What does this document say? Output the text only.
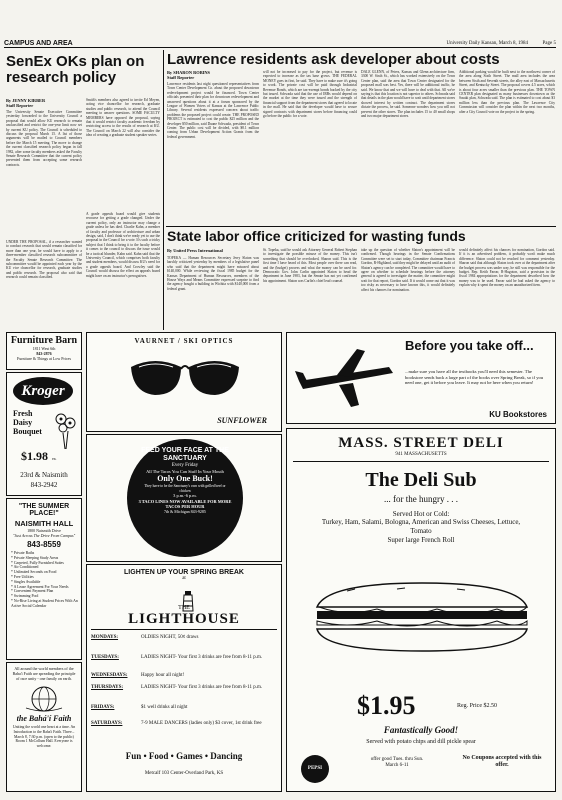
CAMPUS AND AREA	University Daily Kansan, March 8, 1984	Page 5
SenEx OKs plan on research policy
By JENNY KIRBER
Staff Reporter
The University Senate Executive Committee yesterday forwarded to the University Council a proposal that would allow KU research to remain unclassified and restrict the one-year limit now set by current KU policy. The Council is scheduled to discuss the proposal March 15. A list of those arguments will be mailed to Council members before the March 15 meeting. The move to change the current classified research policy began in fall 1982, after some faculty members asked the Faculty Senate Research Committee that the current policy prevented them from accepting some research contracts.
UNDER THE PROPOSAL, if a researcher wanted to conduct research that would remain classified for more than one year, he would have to apply to a three-member classified research subcommittee of the Faculty Senate Research Committee. The subcommittee would be appointed each year by the KU vice chancellor for research, graduate studies and public research. The proposal also said that research could remain classified.
Smith's members also agreed to invite Ed Meyen, acting vice chancellor for research, graduate studies and public research, to attend the Council meeting to answer questions. SOME FACULTY MEMBERS have opposed the proposal, saying that it would restrict faculty academic freedom by restricting access to the results of research at KU. The Council on March 22 will also consider the idea of creating a graduate student speaker series.
A grade appeals board would give students recourse for getting a grade changed. Under the current policy, only an instructor may change a grade unless he has died. Charlie Kahn, a member of faculty and professor of architecture and urban design, said, I don't think we're ready yet to use the proposal in the Council for a vote. It's such a tricky subject that I think to bring it to the faculty before it comes to the council to discuss the issue would be a tactical blunder, Kahn said. Kahn said that the University Council, which comprises both faculty and student members, would discuss KU's need for a grade appeals board. And Crowley said the Council would discuss the effect an appeals board might have on an instructor's prerogatives.
Lawrence residents ask developer about costs
By SHARON ROBINS
Staff Reporter
Lawrence residents last night questioned representatives from Town Center Development Co. about the proposed downtown redevelopment project would be financed. Town Center officials presented their plan for downtown redevelopment and answered questions about it at a forum sponsored by the League of Women Voters of Kansas at the Lawrence Public Library. Several residents expressed concern about traffic problems the proposed project could create. THE PROPOSED PROJECT is estimated to cost the public $25 million and the developer $50 million, said Duane Schwada, president of Town Center. The public cost will be divided, with $8.1 million coming from Urban Development Action Grants from the federal government.
will not be increased to pay for the project, but revenue is expected to increase as the tax base grows. THE FEDERAL MONEY goes in first, he said. They have to make sure it's going to work. The private cost will be paid through Industrial Revenue Bonds, which are tax-exempt bonds backed by the city but issued. Schwada said that the use of IRBs would depend on the market at the time they were issued and the strength of financial support from the department stores that agreed to locate in the mall. He said that the developer would have to secure signed contracts with department stores before financing could go before the public for a vote.
DALE GLENN, of Peters, Kansas and Glenn architecture firm, 3300 W. Sixth St., which has worked extensively on the Town Center plan, said the area that Town Center designated for the proposed mall was best. Yes, there will be additional traffic, he said. We know that and we will have to deal with that. All we're saying is that this location is not superior to others. Schwada said that details in the plan would have to wait until department stores showed interest by written contract. The department stores dictate the process, he said. Someone wonders how you will not prevent the other stores. The plan includes 15 to 40 small shops and two major department stores.
Additional parking would be built next to the northwest corner of the area along Sixth Street. The mall area includes the area between Sixth and Seventh streets, the alley east of Massachusetts Street, and Kentucky Street. The proposal covers 4.5 acres, which is about four acres smaller than the previous plan. THE TOWN CENTER plan designated as many businesses downtown as the Sasaki plan, Schwada said. The plan is estimated to cost about $3 million less than the previous plan. The Lawrence City Commission will consider the plan within the next two months, after a City Council vote on the project in the spring.
State labor office criticized for wasting funds
By United Press International
TOPEKA — Human Resources Secretary Jerry Slaton was harshly criticized yesterday by members of a legislative panel who said that the department might have misused about $140,000. While reviewing the fiscal 1985 budget for the Kansas Department of Human Resources, members of the House Ways and Means Committee expressed surprise to find the agency bought a building in Wichita with $140,000 from a federal grant.
St. Topeka, said he would ask Attorney General Robert Stephan to investigate the possible misuse of the money. This isn't something that should be overlooked, Sharon said. This is the first time I have heard of this. Most people over there can read, and the (budget) process and what the money can be used for. Democratic Gov. John Carlin appointed Slaton to head the department in June 1983, but the Senate has not yet confirmed his appointment. Slaton was Carlin's chief lead counsel.
take up the question of whether Slaton's appointment will be confirmed. Though hearings in the Senate Confirmations Committee were set to start today, Committee chairman Francis Gordon, R-Highland, said they might be delayed until an audit of Slaton's agency can be completed. The committee would have to agree on whether to schedule hearings before the attorney general is agreed to investigate the matter, the committee might wait for that report, Gordon said. If it would come out that it was too risky as necessary to have known this, it would definitely affect his chances for nomination.
would definitely affect his chances for nomination, Gordon said. If it is an advertised problem, it probably won't make much difference. Slaton could not be reached for comment yesterday. Sharon said that although Slaton took over at the department after the budget process was under way, he still was responsible for the budget. Rep. Keith Farrar, R-Hugoton, said a provision in the fiscal 1984 appropriations for the department described how the money was to be used. Farrar said he had asked the agency to explain why it spent the money on an unauthorized item.
Furniture Barn
1811 West 6th
843-2876
Furniture & Things at Low Prices
Kroger
Fresh Daisy Bouquet
$1.98 ea.
23rd & Naismith
843-2942
"THE SUMMER PLACE!"
NAISMITH HALL
1800 Naismith Drive
"Just Across The Drive From Campus"
843-8559
* Private Baths
* Private Sleeping Study Areas
* Carpeted, Fully Furnished Suites
* Air Conditioned
* Unlimited Seconds on Food
* Free Utilities
* Singles Available
* A Lease Agreement For Your Needs
* Convenient Payment Plan
* Swimming Pool
* No-Rise Living at Student Prices With An Active Social Calendar
All around the world members of the Baha'i Faith are spreading the principle of race unity - one family on earth.
the Bahá'í Faith
Uniting the world one heart at a time. An Introduction to the Baha'i Faith. Three... March 8, 7:30 p.m. (open to the public) Room 1 McCollum Hall. Everyone is welcome.
VAURNET / SKI OPTICS
SUNFLOWER
FEED YOUR FACE AT THE SANCTUARY
Every Friday
All The Tacos You Can Stuff In Your Mouth
Only One Buck!
They have to be the Sanctuary's own with grilled beef or chicken
3 p.m.-6 p.m.
3 TACO LINES NOW AVAILABLE FOR MORE TACOS PER HOUR
7th & Michigan 843-9285
LIGHTEN UP YOUR SPRING BREAK
at
THE
LIGHTHOUSE
MONDAYS:	OLDIES NIGHT, 50¢ draws
TUESDAYS:	LADIES NIGHT- Your first 3 drinks are free from 8-11 p.m.
WEDNESDAYS:	Happy hour all night!
THURSDAYS:	LADIES NIGHT- Your first 3 drinks are free from 8-11 p.m.
FRIDAYS:	$1 well drinks all night
SATURDAYS:	7-9 MALE DANCERS (ladies only) $3 cover, 1st drink free
Fun • Food • Games • Dancing
Metcalf 103 Center-Overland Park, KS
Before you take off...
...make sure you have all the textbooks you'll need this semester. The bookstore sends back a large part of the books over Spring Break, so if you need one, get it before you leave. It may not be here when you return!
KU Bookstores
MASS. STREET DELI
941 MASSACHUSETTS
The Deli Sub
... for the hungry . . .
Served Hot or Cold:
Turkey, Ham, Salami, Bologna, American and Swiss Cheeses, Lettuce, Tomato
Super large French Roll
$1.95	Reg. Price $2.50
Fantastically Good!
Served with potato chips and dill pickle spear
PEPSI
offer good Tues. thru Sun. March 6-11
No Coupons accepted with this offer.
